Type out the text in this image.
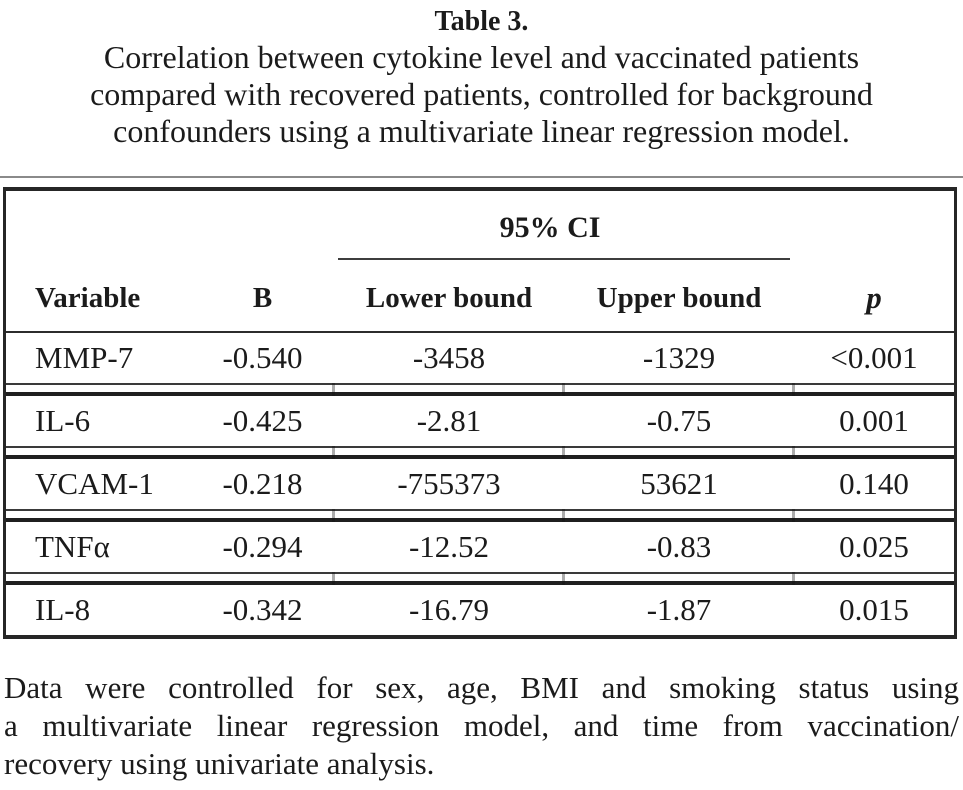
Table 3.
Correlation between cytokine level and vaccinated patients
compared with recovered patients, controlled for background
confounders using a multivariate linear regression model.
95% CI
Variable	B	Lower bound	Upper bound	p
MMP-7	-0.540	-3458	-1329	<0.001
IL-6	-0.425	-2.81	-0.75	0.001
VCAM-1	-0.218	-755373	53621	0.140
TNFα	-0.294	-12.52	-0.83	0.025
IL-8	-0.342	-16.79	-1.87	0.015
Data were controlled for sex, age, BMI and smoking status using
a multivariate linear regression model, and time from vaccination/
recovery using univariate analysis.
